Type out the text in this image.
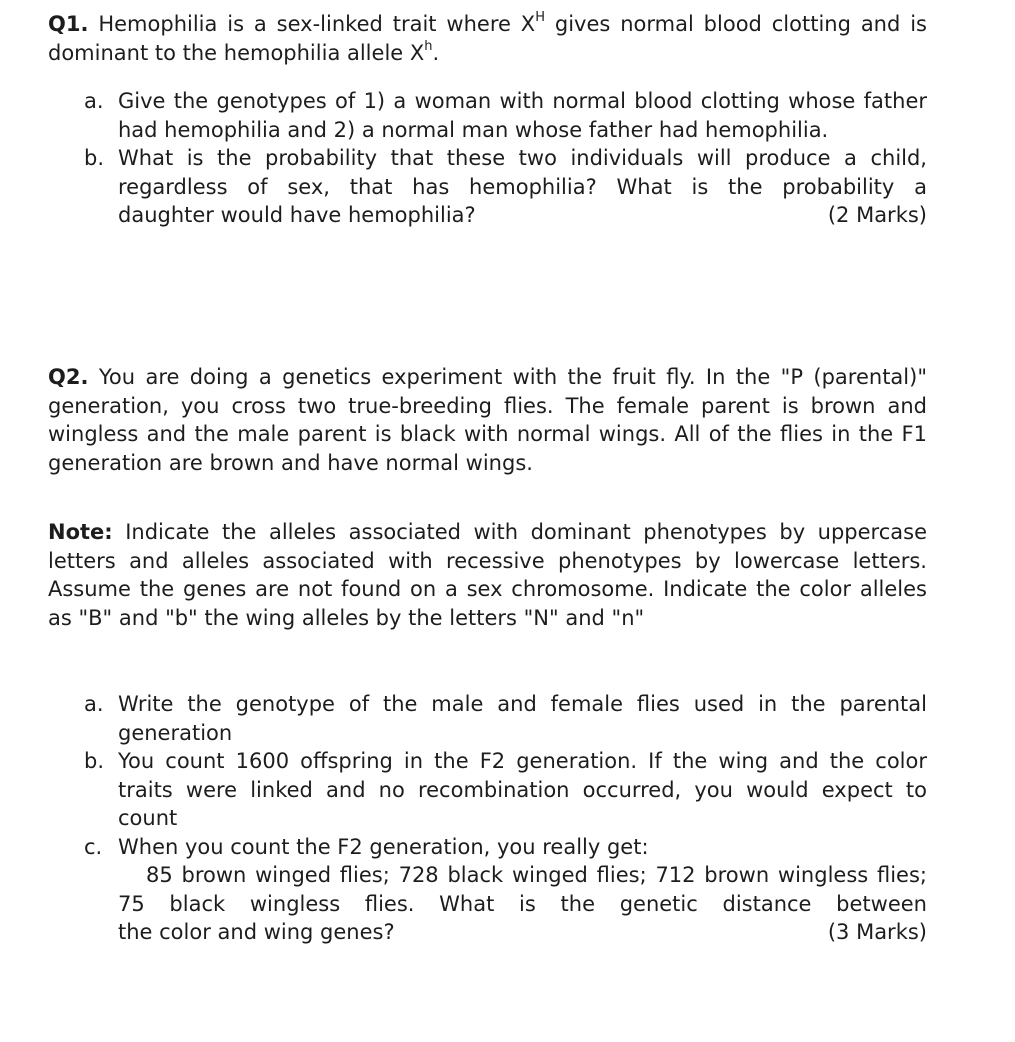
Q1. Hemophilia is a sex-linked trait where $X^H$ gives normal blood clotting and is dominant to the hemophilia allele $X^h$.
a. Give the genotypes of 1) a woman with normal blood clotting whose father had hemophilia and 2) a normal man whose father had hemophilia.
b. What is the probability that these two individuals will produce a child, regardless of sex, that has hemophilia? What is the probability a
daughter would have hemophilia?	(2 Marks)
Q2. You are doing a genetics experiment with the fruit fly. In the "P (parental)" generation, you cross two true-breeding flies. The female parent is brown and wingless and the male parent is black with normal wings. All of the flies in the F1 generation are brown and have normal wings.
Note: Indicate the alleles associated with dominant phenotypes by uppercase letters and alleles associated with recessive phenotypes by lowercase letters. Assume the genes are not found on a sex chromosome. Indicate the color alleles as "B" and "b" the wing alleles by the letters "N" and "n"
a. Write the genotype of the male and female flies used in the parental generation
b. You count 1600 offspring in the F2 generation. If the wing and the color traits were linked and no recombination occurred, you would expect to count
c. When you count the F2 generation, you really get:
85 brown winged flies; 728 black winged flies; 712 brown wingless flies; 75 black wingless flies. What is the genetic distance between
the color and wing genes?	(3 Marks)
